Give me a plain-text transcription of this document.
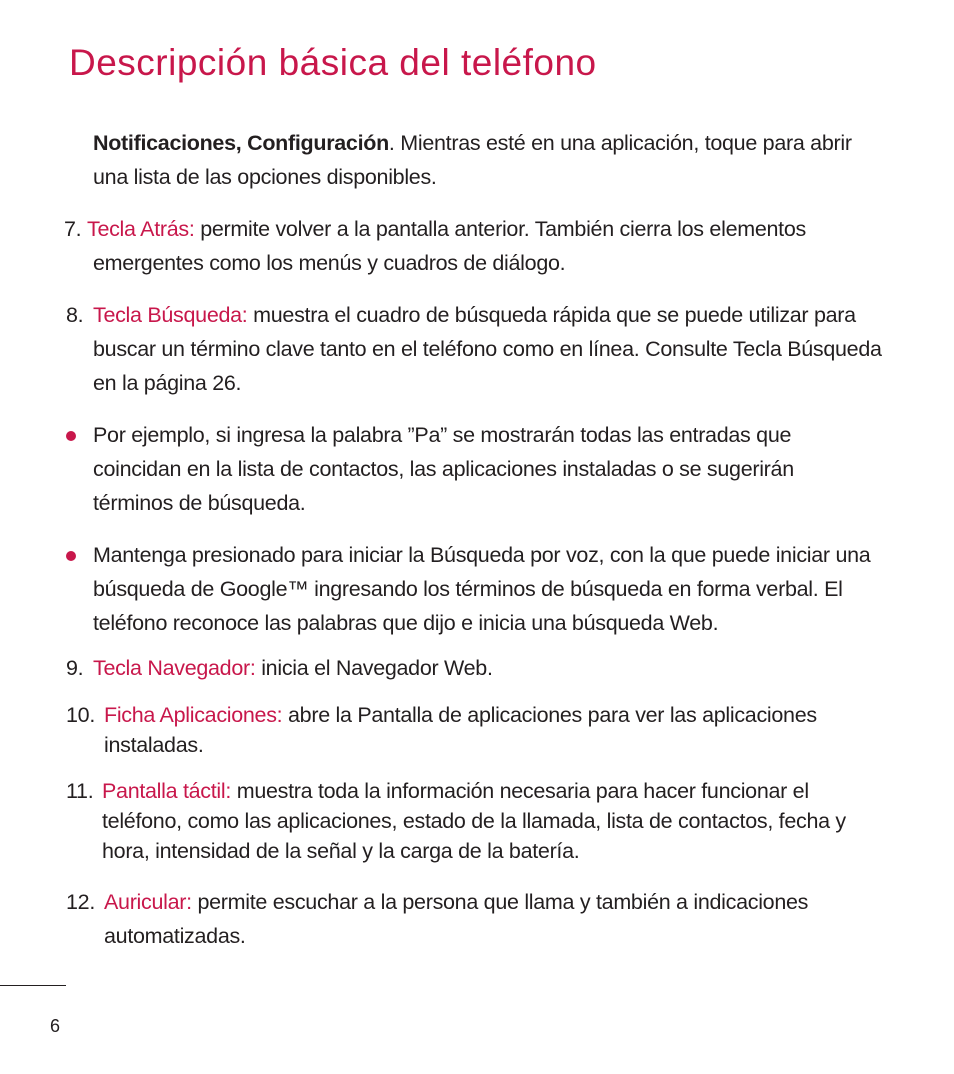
Descripción básica del teléfono

Notificaciones, Configuración. Mientras esté en una aplicación, toque para abrir una lista de las opciones disponibles.

7. Tecla Atrás: permite volver a la pantalla anterior. También cierra los elementos emergentes como los menús y cuadros de diálogo.

8. Tecla Búsqueda: muestra el cuadro de búsqueda rápida que se puede utilizar para buscar un término clave tanto en el teléfono como en línea. Consulte Tecla Búsqueda en la página 26.

Por ejemplo, si ingresa la palabra ”Pa” se mostrarán todas las entradas que coincidan en la lista de contactos, las aplicaciones instaladas o se sugerirán términos de búsqueda.

Mantenga presionado para iniciar la Búsqueda por voz, con la que puede iniciar una búsqueda de Google™ ingresando los términos de búsqueda en forma verbal. El teléfono reconoce las palabras que dijo e inicia una búsqueda Web.

9. Tecla Navegador: inicia el Navegador Web.

10. Ficha Aplicaciones: abre la Pantalla de aplicaciones para ver las aplicaciones instaladas.

11. Pantalla táctil: muestra toda la información necesaria para hacer funcionar el teléfono, como las aplicaciones, estado de la llamada, lista de contactos, fecha y hora, intensidad de la señal y la carga de la batería.

12. Auricular: permite escuchar a la persona que llama y también a indicaciones automatizadas.

6
